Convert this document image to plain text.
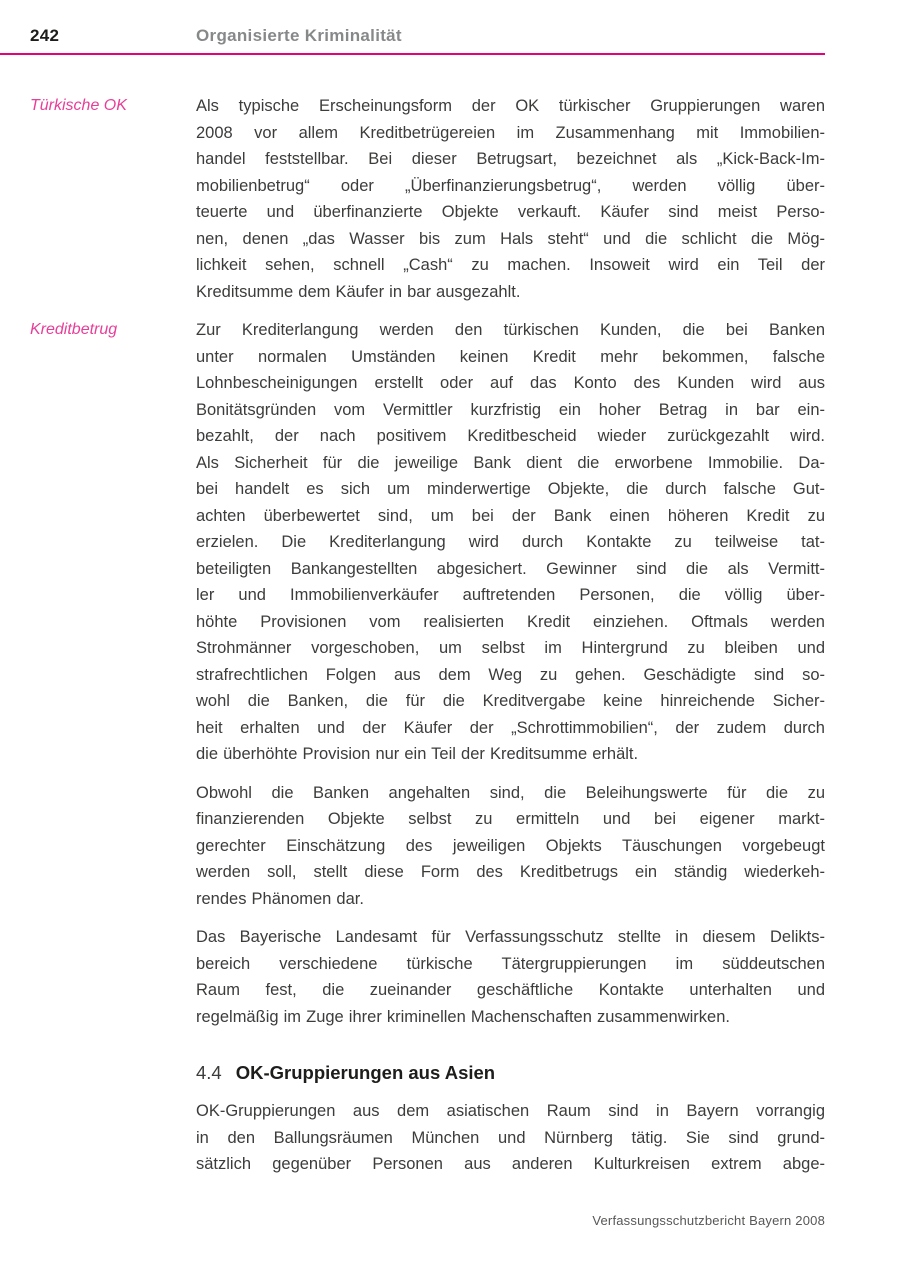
242	Organisierte Kriminalität
Türkische OK	Als typische Erscheinungsform der OK türkischer Gruppierungen waren
2008 vor allem Kreditbetrügereien im Zusammenhang mit Immobilien-
handel feststellbar. Bei dieser Betrugsart, bezeichnet als „Kick-Back-Im-
mobilienbetrug“ oder „Überfinanzierungsbetrug“, werden völlig über-
teuerte und überfinanzierte Objekte verkauft. Käufer sind meist Perso-
nen, denen „das Wasser bis zum Hals steht“ und die schlicht die Mög-
lichkeit sehen, schnell „Cash“ zu machen. Insoweit wird ein Teil der
Kreditsumme dem Käufer in bar ausgezahlt.
Kreditbetrug	Zur Krediterlangung werden den türkischen Kunden, die bei Banken
unter normalen Umständen keinen Kredit mehr bekommen, falsche
Lohnbescheinigungen erstellt oder auf das Konto des Kunden wird aus
Bonitätsgründen vom Vermittler kurzfristig ein hoher Betrag in bar ein-
bezahlt, der nach positivem Kreditbescheid wieder zurückgezahlt wird.
Als Sicherheit für die jeweilige Bank dient die erworbene Immobilie. Da-
bei handelt es sich um minderwertige Objekte, die durch falsche Gut-
achten überbewertet sind, um bei der Bank einen höheren Kredit zu
erzielen. Die Krediterlangung wird durch Kontakte zu teilweise tat-
beteiligten Bankangestellten abgesichert. Gewinner sind die als Vermitt-
ler und Immobilienverkäufer auftretenden Personen, die völlig über-
höhte Provisionen vom realisierten Kredit einziehen. Oftmals werden
Strohmänner vorgeschoben, um selbst im Hintergrund zu bleiben und
strafrechtlichen Folgen aus dem Weg zu gehen. Geschädigte sind so-
wohl die Banken, die für die Kreditvergabe keine hinreichende Sicher-
heit erhalten und der Käufer der „Schrottimmobilien“, der zudem durch
die überhöhte Provision nur ein Teil der Kreditsumme erhält.
Obwohl die Banken angehalten sind, die Beleihungswerte für die zu
finanzierenden Objekte selbst zu ermitteln und bei eigener markt-
gerechter Einschätzung des jeweiligen Objekts Täuschungen vorgebeugt
werden soll, stellt diese Form des Kreditbetrugs ein ständig wiederkeh-
rendes Phänomen dar.
Das Bayerische Landesamt für Verfassungsschutz stellte in diesem Delikts-
bereich verschiedene türkische Tätergruppierungen im süddeutschen
Raum fest, die zueinander geschäftliche Kontakte unterhalten und
regelmäßig im Zuge ihrer kriminellen Machenschaften zusammenwirken.
4.4 OK-Gruppierungen aus Asien
OK-Gruppierungen aus dem asiatischen Raum sind in Bayern vorrangig
in den Ballungsräumen München und Nürnberg tätig. Sie sind grund-
sätzlich gegenüber Personen aus anderen Kulturkreisen extrem abge-
Verfassungsschutzbericht Bayern 2008
